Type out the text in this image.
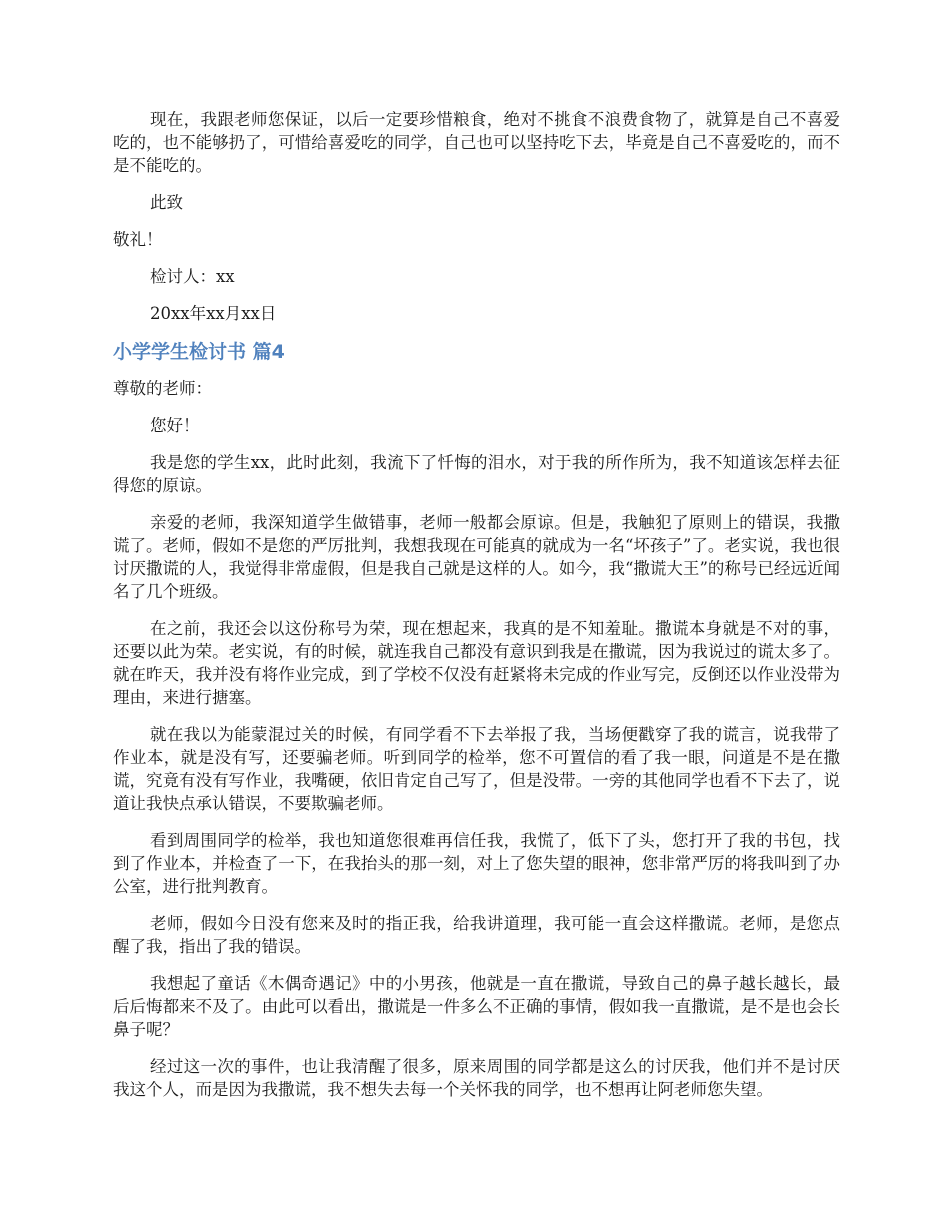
现在，我跟老师您保证，以后一定要珍惜粮食，绝对不挑食不浪费食物了，就算是自己不喜爱吃的，也不能够扔了，可惜给喜爱吃的同学，自己也可以坚持吃下去，毕竟是自己不喜爱吃的，而不是不能吃的。

此致

敬礼！

检讨人：xx

20xx年xx月xx日

小学学生检讨书 篇4

尊敬的老师：

您好！

我是您的学生xx，此时此刻，我流下了忏悔的泪水，对于我的所作所为，我不知道该怎样去征得您的原谅。

亲爱的老师，我深知道学生做错事，老师一般都会原谅。但是，我触犯了原则上的错误，我撒谎了。老师，假如不是您的严厉批判，我想我现在可能真的就成为一名“坏孩子”了。老实说，我也很讨厌撒谎的人，我觉得非常虚假，但是我自己就是这样的人。如今，我“撒谎大王”的称号已经远近闻名了几个班级。

在之前，我还会以这份称号为荣，现在想起来，我真的是不知羞耻。撒谎本身就是不对的事，还要以此为荣。老实说，有的时候，就连我自己都没有意识到我是在撒谎，因为我说过的谎太多了。就在昨天，我并没有将作业完成，到了学校不仅没有赶紧将未完成的作业写完，反倒还以作业没带为理由，来进行搪塞。

就在我以为能蒙混过关的时候，有同学看不下去举报了我，当场便戳穿了我的谎言，说我带了作业本，就是没有写，还要骗老师。听到同学的检举，您不可置信的看了我一眼，问道是不是在撒谎，究竟有没有写作业，我嘴硬，依旧肯定自己写了，但是没带。一旁的其他同学也看不下去了，说道让我快点承认错误，不要欺骗老师。

看到周围同学的检举，我也知道您很难再信任我，我慌了，低下了头，您打开了我的书包，找到了作业本，并检查了一下，在我抬头的那一刻，对上了您失望的眼神，您非常严厉的将我叫到了办公室，进行批判教育。

老师，假如今日没有您来及时的指正我，给我讲道理，我可能一直会这样撒谎。老师，是您点醒了我，指出了我的错误。

我想起了童话《木偶奇遇记》中的小男孩，他就是一直在撒谎，导致自己的鼻子越长越长，最后后悔都来不及了。由此可以看出，撒谎是一件多么不正确的事情，假如我一直撒谎，是不是也会长鼻子呢？

经过这一次的事件，也让我清醒了很多，原来周围的同学都是这么的讨厌我，他们并不是讨厌我这个人，而是因为我撒谎，我不想失去每一个关怀我的同学，也不想再让阿老师您失望。
